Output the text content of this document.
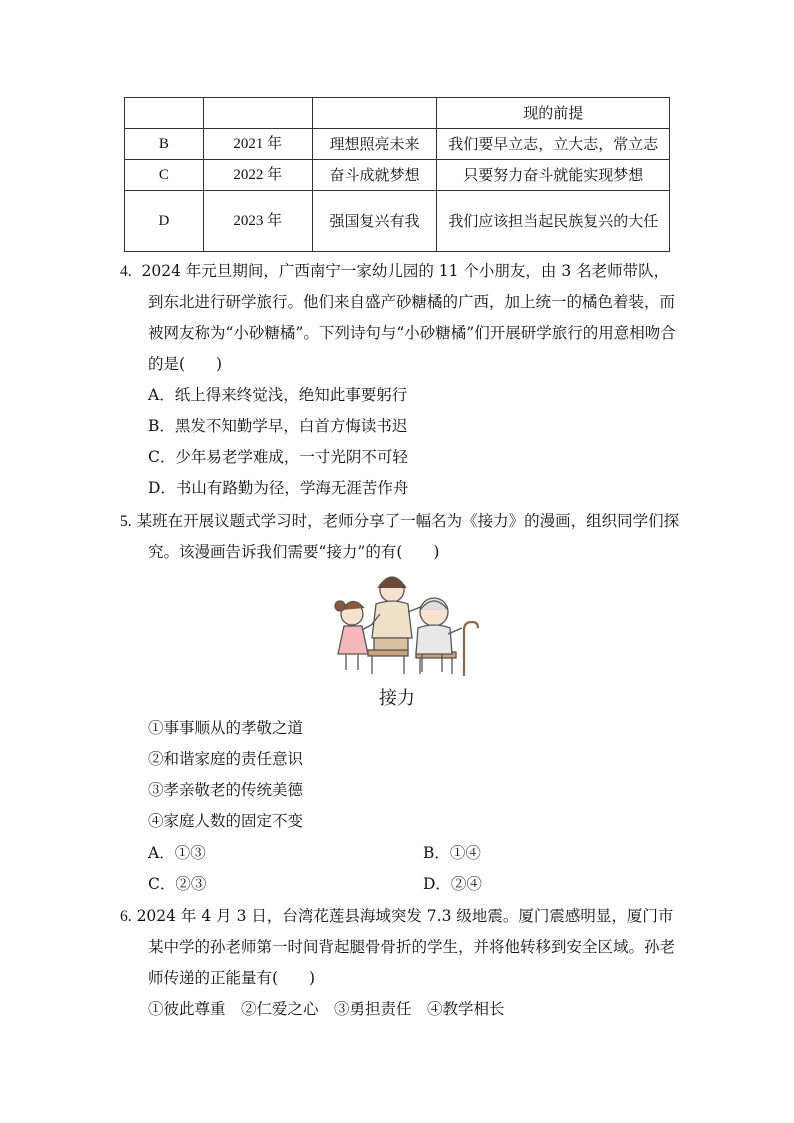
			现的前提
B	2021 年	理想照亮未来	我们要早立志，立大志，常立志
C	2022 年	奋斗成就梦想	只要努力奋斗就能实现梦想
D	2023 年	强国复兴有我	我们应该担当起民族复兴的大任
4. 2024 年元旦期间，广西南宁一家幼儿园的 11 个小朋友，由 3 名老师带队，到东北进行研学旅行。他们来自盛产砂糖橘的广西，加上统一的橘色着装，而被网友称为“小砂糖橘”。下列诗句与“小砂糖橘”们开展研学旅行的用意相吻合的是(　　)
A．纸上得来终觉浅，绝知此事要躬行
B．黑发不知勤学早，白首方悔读书迟
C．少年易老学难成，一寸光阴不可轻
D．书山有路勤为径，学海无涯苦作舟
5. 某班在开展议题式学习时，老师分享了一幅名为《接力》的漫画，组织同学们探究。该漫画告诉我们需要“接力”的有(　　)
接力
①事事顺从的孝敬之道
②和谐家庭的责任意识
③孝亲敬老的传统美德
④家庭人数的固定不变
A．①③	B．①④
C．②③	D．②④
6. 2024 年 4 月 3 日，台湾花莲县海域突发 7.3 级地震。厦门震感明显，厦门市某中学的孙老师第一时间背起腿骨骨折的学生，并将他转移到安全区域。孙老师传递的正能量有(　　)
①彼此尊重　②仁爱之心　③勇担责任　④教学相长
